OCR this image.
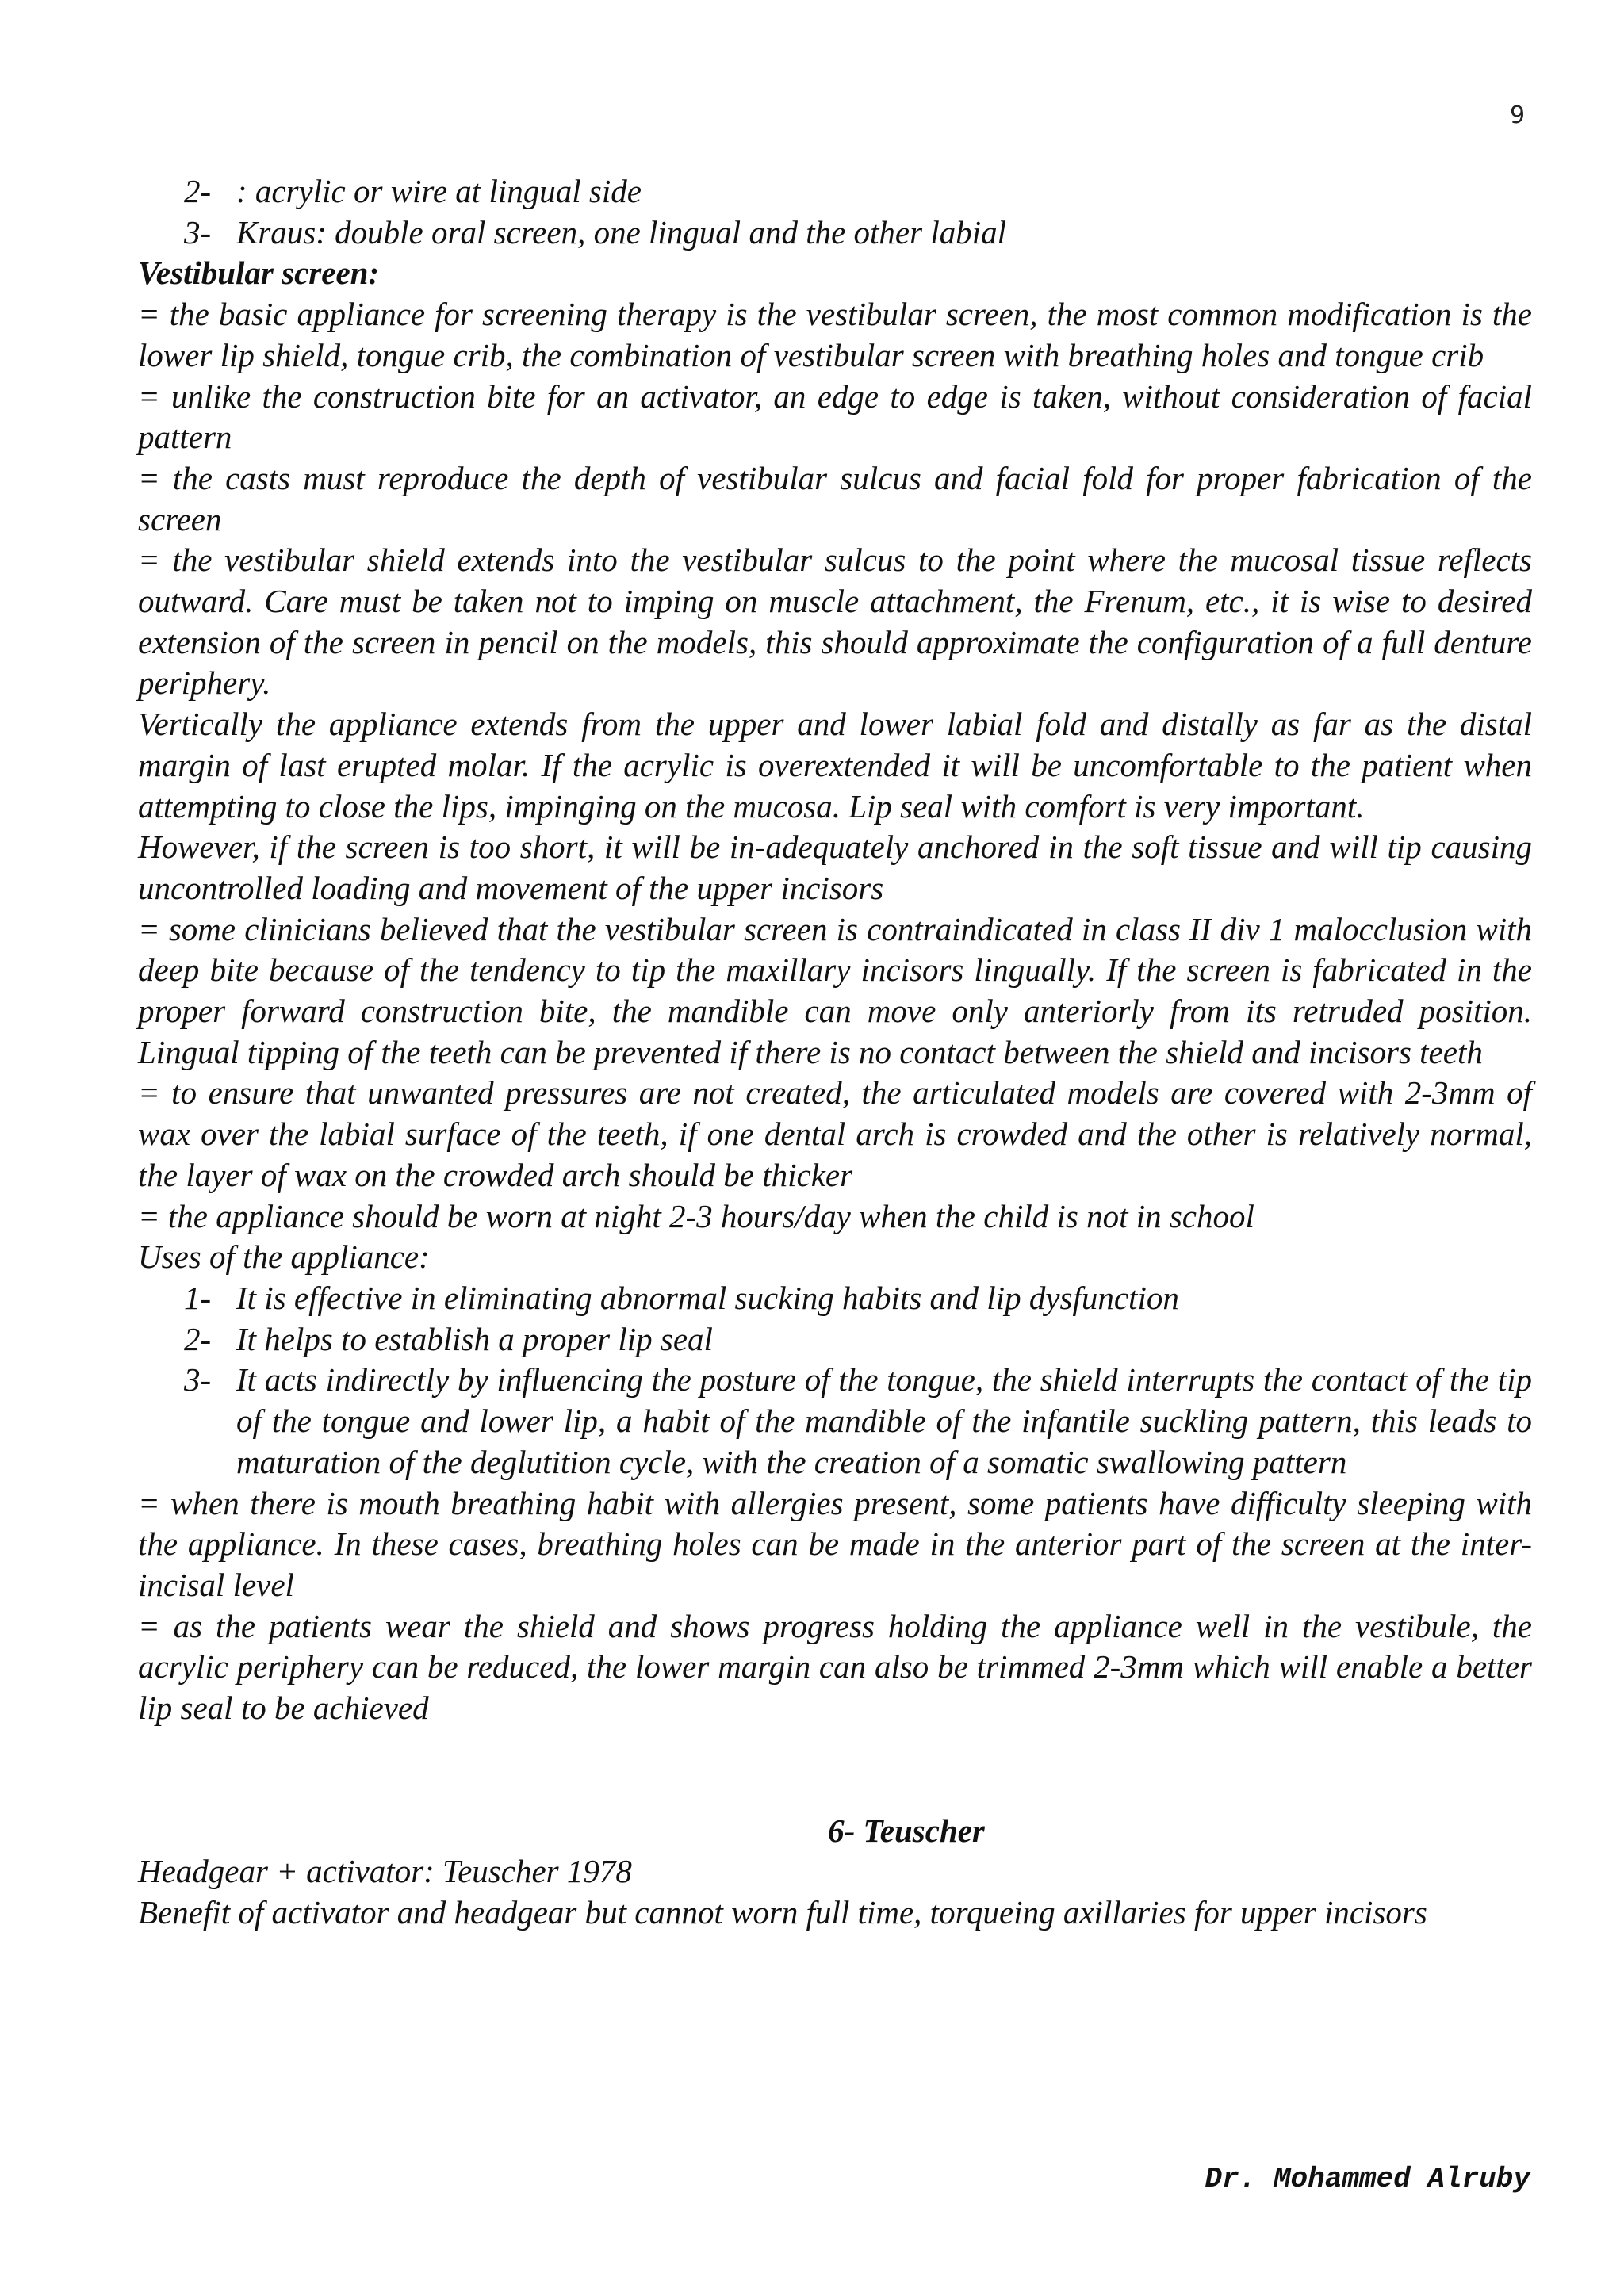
9
2- : acrylic or wire at lingual side
3- Kraus: double oral screen, one lingual and the other labial

Vestibular screen:

= the basic appliance for screening therapy is the vestibular screen, the most common modification is the lower lip shield, tongue crib, the combination of vestibular screen with breathing holes and tongue crib

= unlike the construction bite for an activator, an edge to edge is taken, without consideration of facial pattern

= the casts must reproduce the depth of vestibular sulcus and facial fold for proper fabrication of the screen

= the vestibular shield extends into the vestibular sulcus to the point where the mucosal tissue reflects outward. Care must be taken not to imping on muscle attachment, the Frenum, etc., it is wise to desired extension of the screen in pencil on the models, this should approximate the configuration of a full denture periphery.

Vertically the appliance extends from the upper and lower labial fold and distally as far as the distal margin of last erupted molar. If the acrylic is overextended it will be uncomfortable to the patient when attempting to close the lips, impinging on the mucosa. Lip seal with comfort is very important.

However, if the screen is too short, it will be in-adequately anchored in the soft tissue and will tip causing uncontrolled loading and movement of the upper incisors

= some clinicians believed that the vestibular screen is contraindicated in class II div 1 malocclusion with deep bite because of the tendency to tip the maxillary incisors lingually. If the screen is fabricated in the proper forward construction bite, the mandible can move only anteriorly from its retruded position. Lingual tipping of the teeth can be prevented if there is no contact between the shield and incisors teeth

= to ensure that unwanted pressures are not created, the articulated models are covered with 2-3mm of wax over the labial surface of the teeth, if one dental arch is crowded and the other is relatively normal, the layer of wax on the crowded arch should be thicker

= the appliance should be worn at night 2-3 hours/day when the child is not in school

Uses of the appliance:

1- It is effective in eliminating abnormal sucking habits and lip dysfunction
2- It helps to establish a proper lip seal
3- It acts indirectly by influencing the posture of the tongue, the shield interrupts the contact of the tip of the tongue and lower lip, a habit of the mandible of the infantile suckling pattern, this leads to maturation of the deglutition cycle, with the creation of a somatic swallowing pattern

= when there is mouth breathing habit with allergies present, some patients have difficulty sleeping with the appliance. In these cases, breathing holes can be made in the anterior part of the screen at the inter-incisal level

= as the patients wear the shield and shows progress holding the appliance well in the vestibule, the acrylic periphery can be reduced, the lower margin can also be trimmed 2-3mm which will enable a better lip seal to be achieved

6- Teuscher

Headgear + activator: Teuscher 1978

Benefit of activator and headgear but cannot worn full time, torqueing axillaries for upper incisors

Dr. Mohammed Alruby
